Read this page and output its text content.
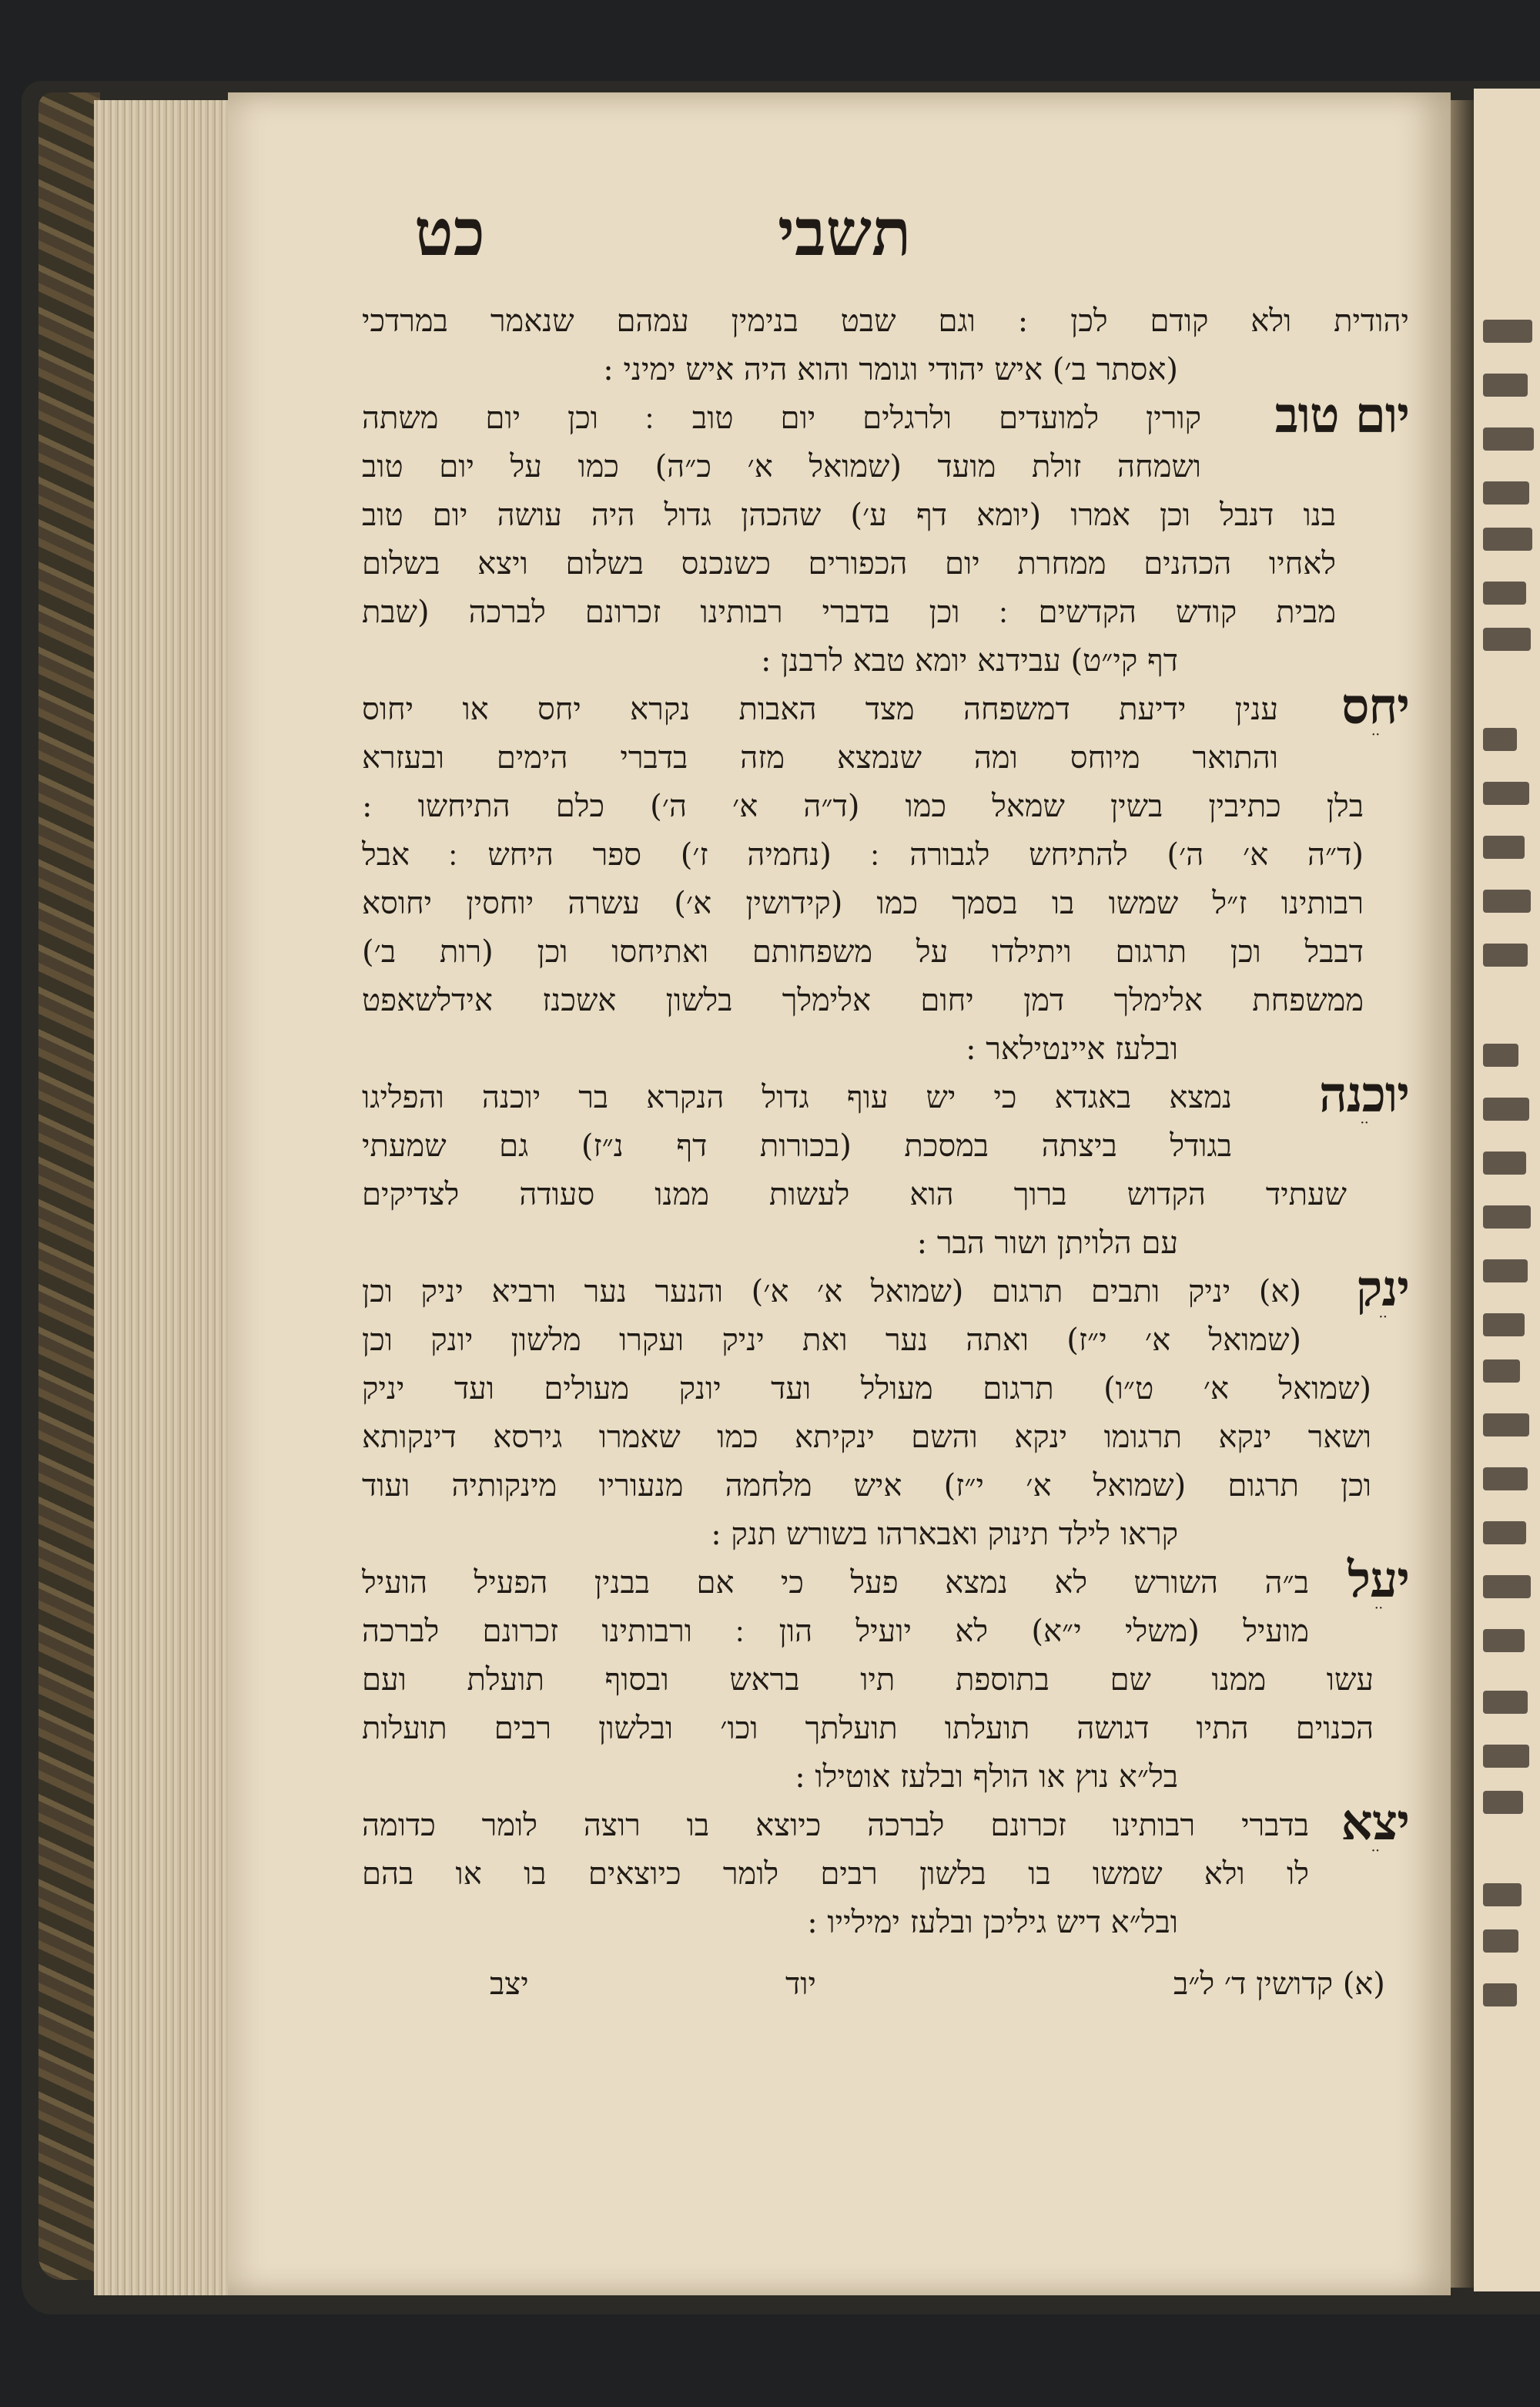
תשבי
כט
יהודית ולא קודם לכן : וגם שבט בנימין עמהם שנאמר במרדכי
(אסתר ב׳) איש יהודי וגומר והוא היה איש ימיני :
יום טוב
קורין למועדים ולרגלים יום טוב ׃ וכן יום משתה
ושמחה זולת מועד (שמואל א׳ כ״ה) כמו על יום טוב
בנו דנבל וכן אמרו (יומא דף ע׳) שהכהן גדול היה עושה יום טוב
לאחיו הכהנים ממחרת יום הכפורים כשנכנס בשלום ויצא בשלום
מבית קודש הקדשים ׃ וכן בדברי רבותינו זכרונם לברכה (שבת
דף קי״ט) עבידנא יומא טבא לרבנן :
יחס
ׄ ׄ
ענין ידיעת דמשפחה מצד האבות נקרא יחס או יחוס
והתואר מיוחס ומה שנמצא מזה בדברי הימים ובעזרא
בלן כתיבין בשין שמאל כמו (ד״ה א׳ ה׳) כלם התיחשו :
(ד״ה א׳ ה׳) להתיחש לגבורה ׃ (נחמיה ז׳) ספר היחש ׃ אבל
רבותינו ז״ל שמשו בו בסמך כמו (קידושין א׳) עשרה יוחסין יחוסא
דבבל וכן תרגום ויתילדו על משפחותם ואתיחסו וכן (רות ב׳)
ממשפחת אלימלך דמן יחום אלימלך בלשון אשכנז אידלשאפט
ובלעז איינטילאר :
יוכנה
ׄ ׄ
נמצא באגדא כי יש עוף גדול הנקרא בר יוכנה והפליגו
בגודל ביצתה במסכת (בכורות דף נ״ז) גם שמעתי
שעתיד הקדוש ברוך הוא לעשות ממנו סעודה לצדיקים
עם הלויתן ושור הבר :
ינק
ׄ ׄ
(א) יניק ותבים תרגום (שמואל א׳ א׳) והנער נער ורביא יניק וכן
(שמואל א׳ י״ז) ואתה נער ואת יניק ועקרו מלשון יונק וכן
(שמואל א׳ ט״ו) תרגום מעולל ועד יונק מעולים ועד יניק
ושאר ינקא תרגומו ינקא והשם ינקיתא כמו שאמרו גירסא דינקותא
וכן תרגום (שמואל א׳ י״ז) איש מלחמה מנעוריו מינקותיה ועוד
קראו לילד תינוק ואבארהו בשורש תנק :
יעל
ׄ ׄ
ב״ה השורש לא נמצא פעל כי אם בבנין הפעיל הועיל
מועיל (משלי י״א) לא יועיל הון ׃ ורבותינו זכרונם לברכה
עשו ממנו שם בתוספת תיו בראש ובסוף תועלת ועם
הכנוים התיו דגושה תועלתו תועלתך וכו׳ ובלשון רבים תועלות
בל״א נוץ או הולף ובלעז אוטילו :
יצא
ׄ ׄ
בדברי רבותינו זכרונם לברכה כיוצא בו רוצה לומר כדומה
לו ולא שמשו בו בלשון רבים לומר כיוצאים בו או בהם
ובל״א דיש גיליכן ובלעז ימילייו :
(א) קדושין ד׳ ל״ב
יוד
יצב
